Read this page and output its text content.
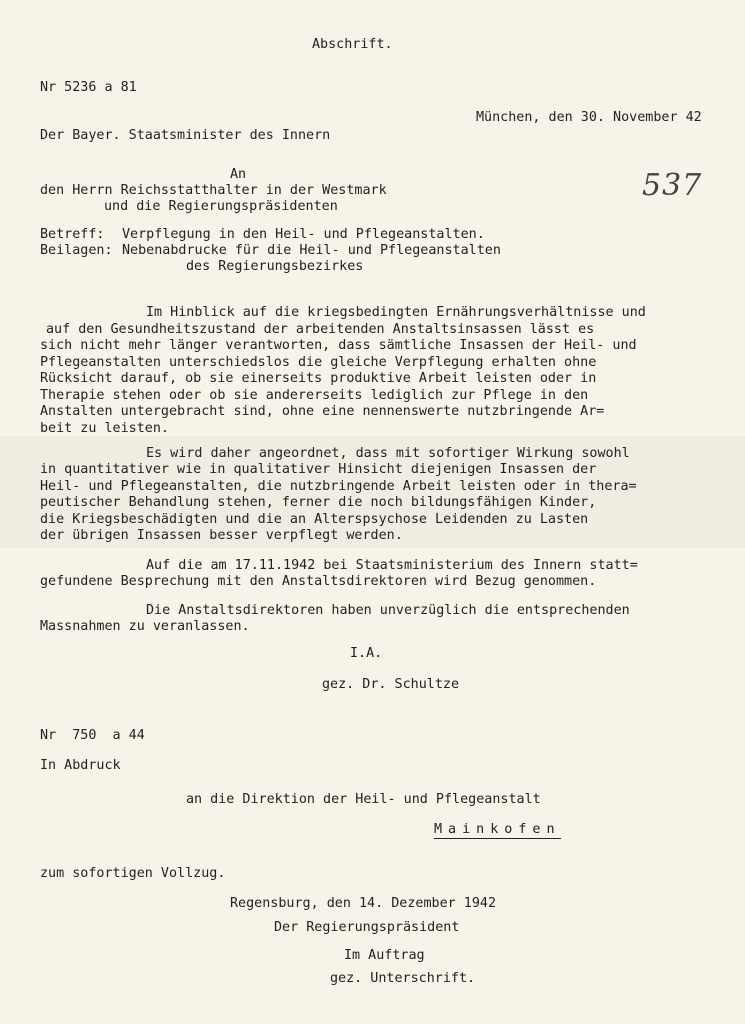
Abschrift.
Nr 5236 a 81
München, den 30. November 42
Der Bayer. Staatsminister des Innern
537
An
den Herrn Reichsstatthalter in der Westmark
und die Regierungspräsidenten
Betreff: Verpflegung in den Heil- und Pflegeanstalten.
Beilagen: Nebenabdrucke für die Heil- und Pflegeanstalten
des Regierungsbezirkes
Im Hinblick auf die kriegsbedingten Ernährungsverhältnisse und
auf den Gesundheitszustand der arbeitenden Anstaltsinsassen lässt es
sich nicht mehr länger verantworten, dass sämtliche Insassen der Heil- und
Pflegeanstalten unterschiedslos die gleiche Verpflegung erhalten ohne
Rücksicht darauf, ob sie einerseits produktive Arbeit leisten oder in
Therapie stehen oder ob sie andererseits lediglich zur Pflege in den
Anstalten untergebracht sind, ohne eine nennenswerte nutzbringende Ar=
beit zu leisten.
Es wird daher angeordnet, dass mit sofortiger Wirkung sowohl
in quantitativer wie in qualitativer Hinsicht diejenigen Insassen der
Heil- und Pflegeanstalten, die nutzbringende Arbeit leisten oder in thera=
peutischer Behandlung stehen, ferner die noch bildungsfähigen Kinder,
die Kriegsbeschädigten und die an Alterspsychose Leidenden zu Lasten
der übrigen Insassen besser verpflegt werden.
Auf die am 17.11.1942 bei Staatsministerium des Innern statt=
gefundene Besprechung mit den Anstaltsdirektoren wird Bezug genommen.
Die Anstaltsdirektoren haben unverzüglich die entsprechenden
Massnahmen zu veranlassen.
I.A.
gez. Dr. Schultze
Nr  750  a 44
In Abdruck
an die Direktion der Heil- und Pflegeanstalt
Mainkofen
zum sofortigen Vollzug.
Regensburg, den 14. Dezember 1942
Der Regierungspräsident
Im Auftrag
gez. Unterschrift.
